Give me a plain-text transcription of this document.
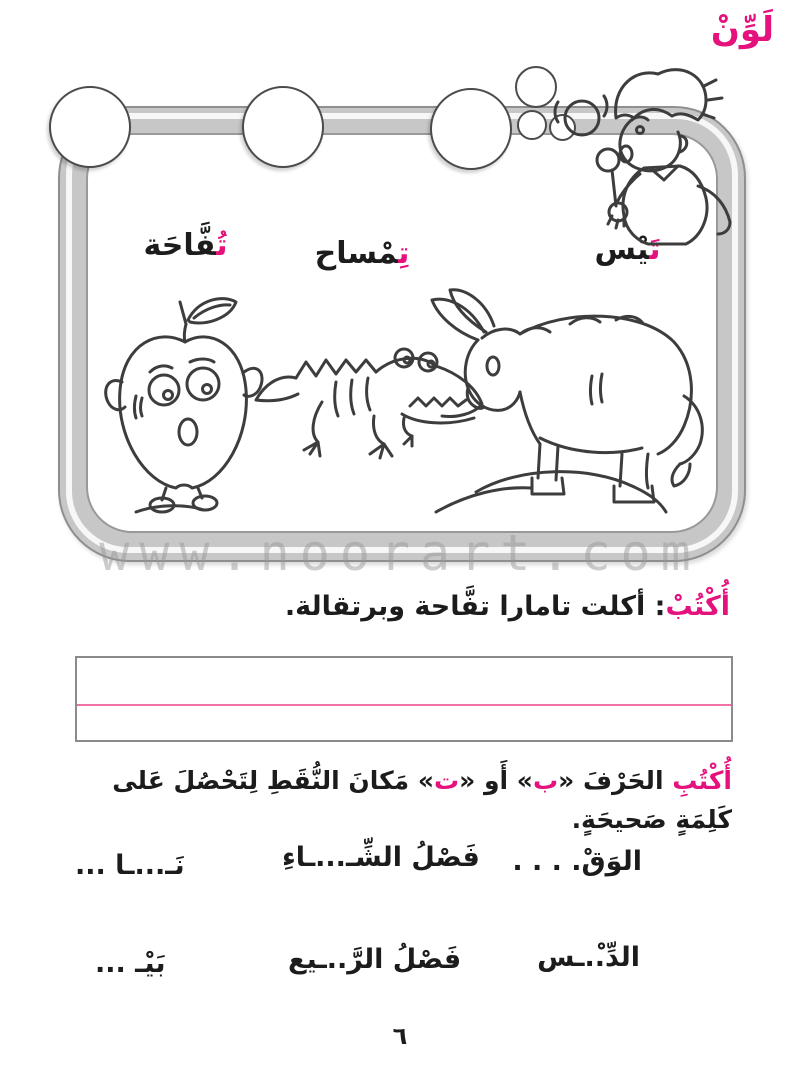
لَوِّنْ
تَ‍‍يْس
تِ‍‍مْساح
تُ‍‍فَّاحَة
www.noorart.com
أُكْتُبْ: أكلت تامارا تفَّاحة وبرتقالة.
أُكْتُبِ الحَرْفَ «ب» أَو «ت» مَكانَ النُّقَطِ لِتَحْصُلَ عَلى كَلِمَةٍ صَحيحَةٍ.
الوَقْ. . . .
فَصْلُ الشِّـ...ـاءِ
نَـ...ـا ...
الدِّ.ْ.ـس
فَصْلُ الرَّ..ـيع
بَيْـ ...
٦
